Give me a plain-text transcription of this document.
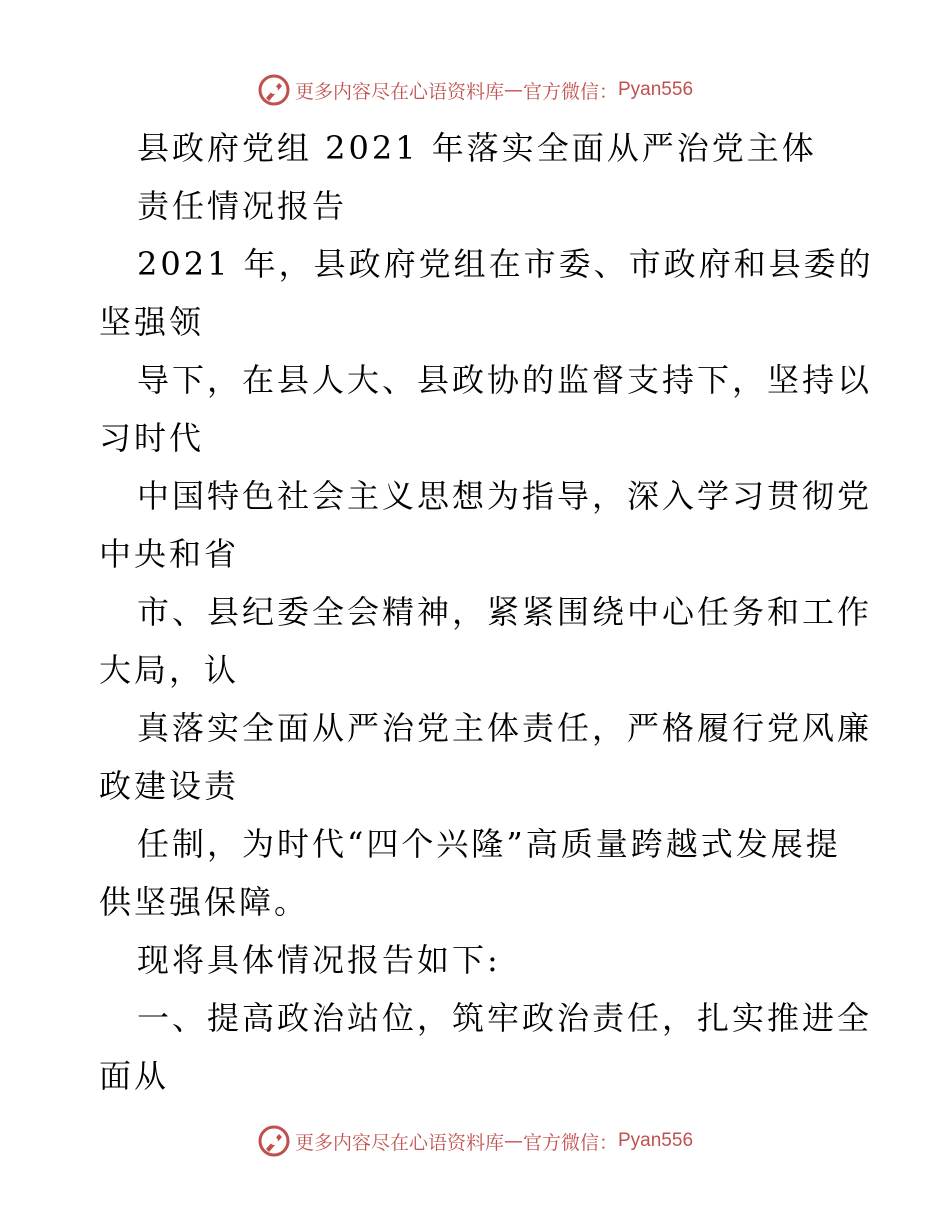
更多内容尽在心语资料库 — 官方微信： Pyan556
县政府党组 2021 年落实全面从严治党主体
责任情况报告
2021 年，县政府党组在市委、市政府和县委的
坚强领
导下，在县人大、县政协的监督支持下，坚持以
习时代
中国特色社会主义思想为指导，深入学习贯彻党
中央和省
市、县纪委全会精神，紧紧围绕中心任务和工作
大局，认
真落实全面从严治党主体责任，严格履行党风廉
政建设责
任制，为时代“四个兴隆”高质量跨越式发展提
供坚强保障。
现将具体情况报告如下:
一、提高政治站位，筑牢政治责任，扎实推进全
面从
更多内容尽在心语资料库 — 官方微信： Pyan556
